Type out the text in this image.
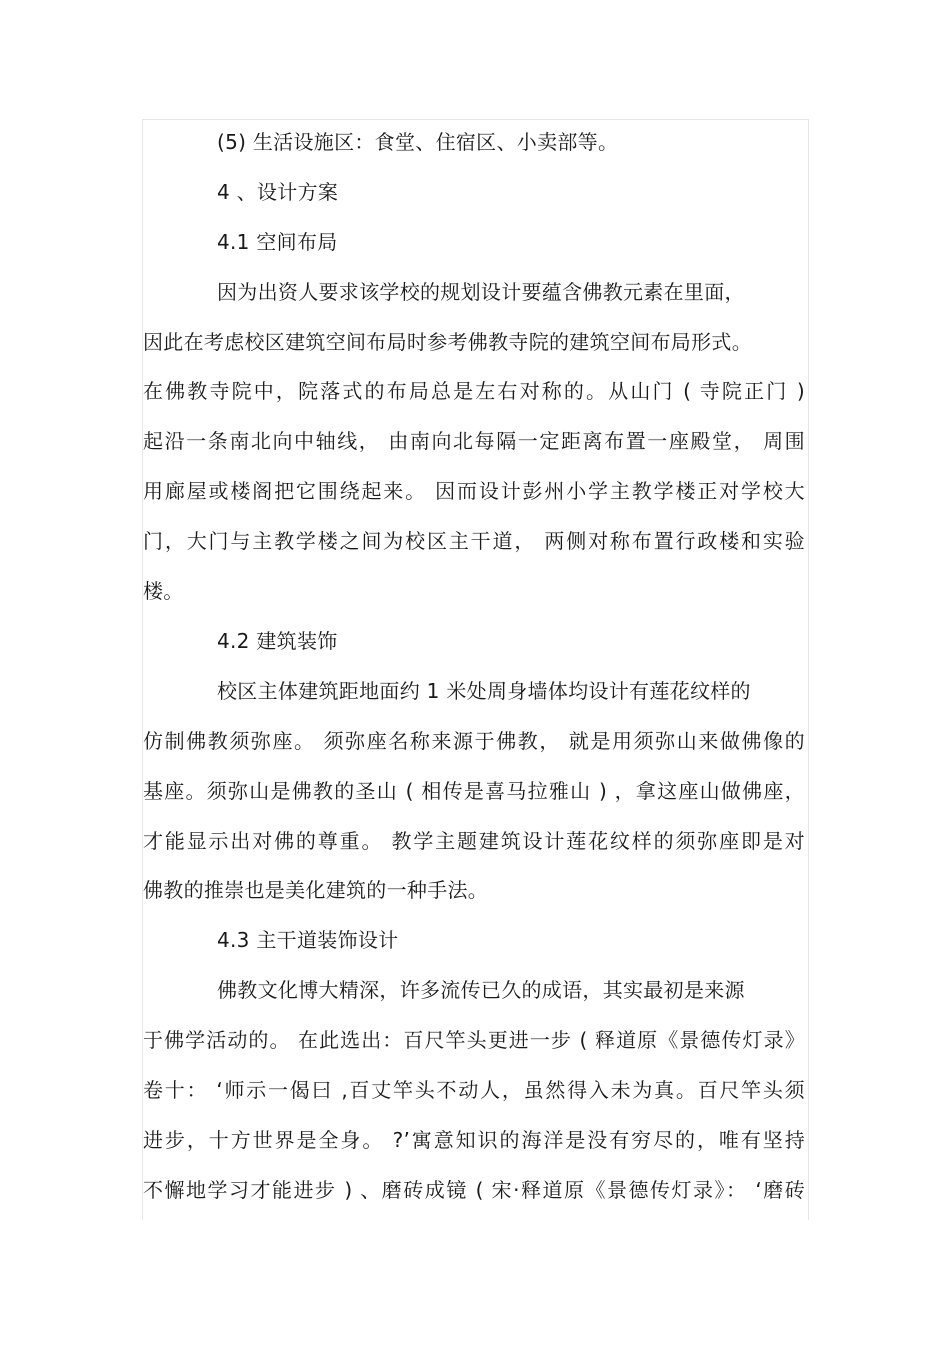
(5) 生活设施区：食堂、住宿区、小卖部等。
4 、设计方案
4.1 空间布局
因为出资人要求该学校的规划设计要蕴含佛教元素在里面，
因此在考虑校区建筑空间布局时参考佛教寺院的建筑空间布局形式。
在佛教寺院中，院落式的布局总是左右对称的。从山门 ( 寺院正门 )
起沿一条南北向中轴线， 由南向北每隔一定距离布置一座殿堂， 周围
用廊屋或楼阁把它围绕起来。 因而设计彭州小学主教学楼正对学校大
门，大门与主教学楼之间为校区主干道， 两侧对称布置行政楼和实验
楼。
4.2 建筑装饰
校区主体建筑距地面约 1 米处周身墙体均设计有莲花纹样的
仿制佛教须弥座。 须弥座名称来源于佛教， 就是用须弥山来做佛像的
基座。须弥山是佛教的圣山 ( 相传是喜马拉雅山 ) ，拿这座山做佛座，
才能显示出对佛的尊重。 教学主题建筑设计莲花纹样的须弥座即是对
佛教的推崇也是美化建筑的一种手法。
4.3 主干道装饰设计
佛教文化博大精深，许多流传已久的成语，其实最初是来源
于佛学活动的。 在此选出：百尺竿头更进一步 ( 释道原《景德传灯录》
卷十： ‘师示一偈曰 ,百丈竿头不动人，虽然得入未为真。百尺竿头须
进步，十方世界是全身。 ?’寓意知识的海洋是没有穷尽的，唯有坚持
不懈地学习才能进步 ) 、磨砖成镜 ( 宋·释道原《景德传灯录》： ‘磨砖
